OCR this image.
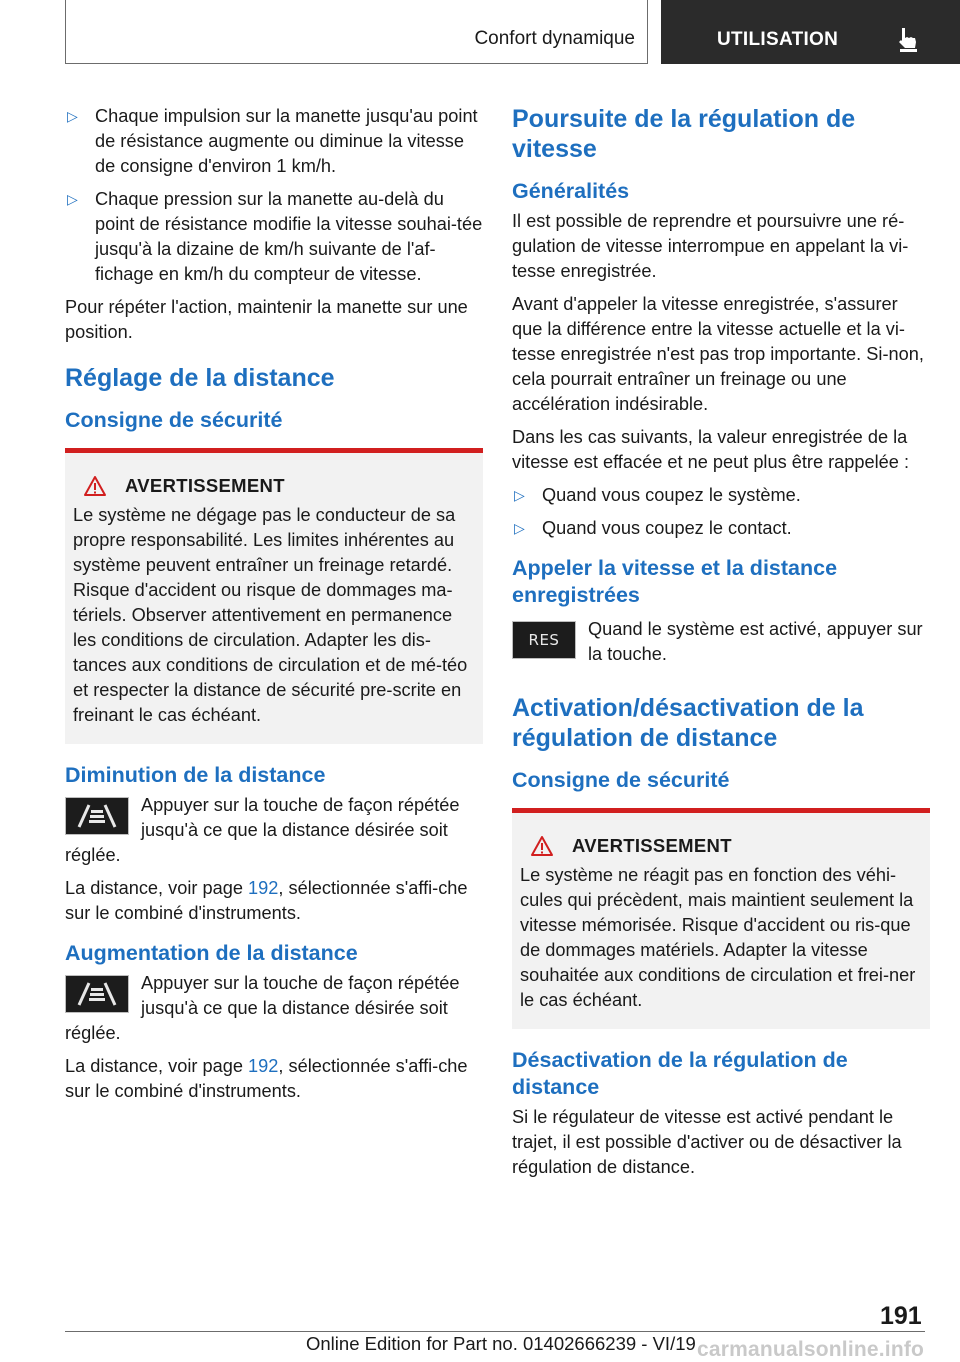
Confort dynamique	UTILISATION
▷ Chaque impulsion sur la manette jusqu'au point de résistance augmente ou diminue la vitesse de consigne d'environ 1 km/h.
▷ Chaque pression sur la manette au-delà du point de résistance modifie la vitesse souhai-tée jusqu'à la dizaine de km/h suivante de l'af-fichage en km/h du compteur de vitesse.

Pour répéter l'action, maintenir la manette sur une position.

Réglage de la distance
Consigne de sécurité
AVERTISSEMENT

Le système ne dégage pas le conducteur de sa propre responsabilité. Les limites inhérentes au système peuvent entraîner un freinage retardé. Risque d'accident ou risque de dommages ma-tériels. Observer attentivement en permanence les conditions de circulation. Adapter les dis-tances aux conditions de circulation et de mé-téo et respecter la distance de sécurité pre-scrite en freinant le cas échéant.

Diminution de la distance

Appuyer sur la touche de façon répétée jusqu'à ce que la distance désirée soit réglée.

La distance, voir page 192, sélectionnée s'affi-che sur le combiné d'instruments.

Augmentation de la distance

Appuyer sur la touche de façon répétée jusqu'à ce que la distance désirée soit réglée.

La distance, voir page 192, sélectionnée s'affi-che sur le combiné d'instruments.

Poursuite de la régulation de vitesse
Généralités

Il est possible de reprendre et poursuivre une ré-gulation de vitesse interrompue en appelant la vi-tesse enregistrée.

Avant d'appeler la vitesse enregistrée, s'assurer que la différence entre la vitesse actuelle et la vi-tesse enregistrée n'est pas trop importante. Si-non, cela pourrait entraîner un freinage ou une accélération indésirable.

Dans les cas suivants, la valeur enregistrée de la vitesse est effacée et ne peut plus être rappelée :

▷ Quand vous coupez le système.
▷ Quand vous coupez le contact.
Appeler la vitesse et la distance enregistrées
RES

Quand le système est activé, appuyer sur la touche.

Activation/désactivation de la régulation de distance
Consigne de sécurité
AVERTISSEMENT

Le système ne réagit pas en fonction des véhi-cules qui précèdent, mais maintient seulement la vitesse mémorisée. Risque d'accident ou ris-que de dommages matériels. Adapter la vitesse souhaitée aux conditions de circulation et frei-ner le cas échéant.

Désactivation de la régulation de distance

Si le régulateur de vitesse est activé pendant le trajet, il est possible d'activer ou de désactiver la régulation de distance.

191
Online Edition for Part no. 01402666239 - VI/19 carmanualsonline.info
